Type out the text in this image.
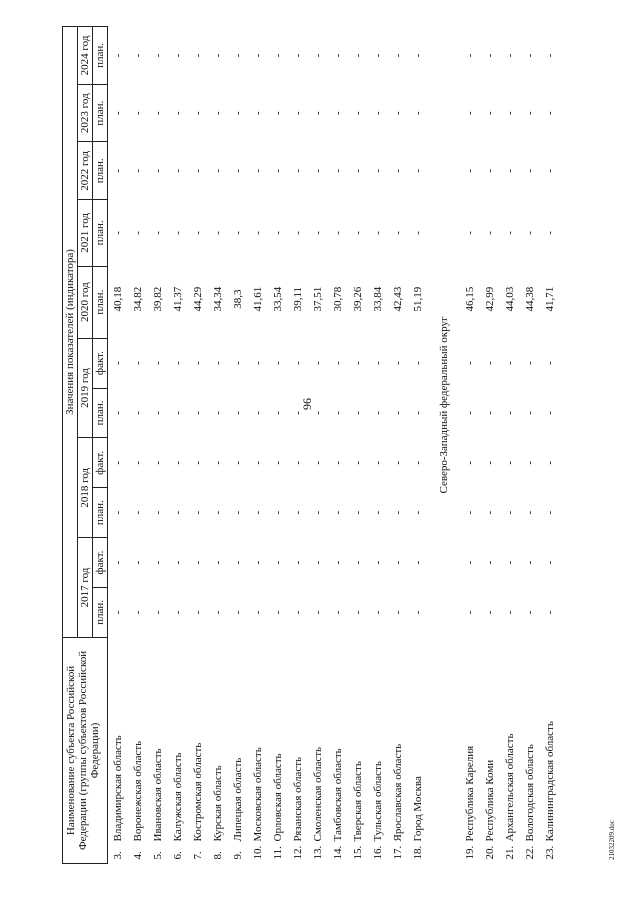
96
21032209.doc
Наименование субъекта Российской Федерации (группы субъектов Российской Федерации)	Значения показателей (индикатора)										
	2017 год		2018 год		2019 год		2020 год	2021 год	2022 год	2023 год	2024 год
	план.	факт.	план.	факт.	план.	факт.	план.	план.	план.	план.	план.
3.Владимирская область	-	-	-	-	-	-	40,18	-	-	-	-
4.Воронежская область	-	-	-	-	-	-	34,82	-	-	-	-
5.Ивановская область	-	-	-	-	-	-	39,82	-	-	-	-
6.Калужская область	-	-	-	-	-	-	41,37	-	-	-	-
7.Костромская область	-	-	-	-	-	-	44,29	-	-	-	-
8.Курская область	-	-	-	-	-	-	34,34	-	-	-	-
9.Липецкая область	-	-	-	-	-	-	38,3	-	-	-	-
10.Московская область	-	-	-	-	-	-	41,61	-	-	-	-
11.Орловская область	-	-	-	-	-	-	33,54	-	-	-	-
12.Рязанская область	-	-	-	-	-	-	39,11	-	-	-	-
13.Смоленская область	-	-	-	-	-	-	37,51	-	-	-	-
14.Тамбовская область	-	-	-	-	-	-	30,78	-	-	-	-
15.Тверская область	-	-	-	-	-	-	39,26	-	-	-	-
16.Тульская область	-	-	-	-	-	-	33,84	-	-	-	-
17.Ярославская область	-	-	-	-	-	-	42,43	-	-	-	-
18.Город Москва	-	-	-	-	-	-	51,19	-	-	-	-

Северо-Западный федеральный округ											

19.Республика Карелия	-	-	-	-	-	-	46,15	-	-	-	-
20.Республика Коми	-	-	-	-	-	-	42,99	-	-	-	-
21.Архангельская область	-	-	-	-	-	-	44,03	-	-	-	-
22.Вологодская область	-	-	-	-	-	-	44,38	-	-	-	-
23.Калининградская область	-	-	-	-	-	-	41,71	-	-	-	-
